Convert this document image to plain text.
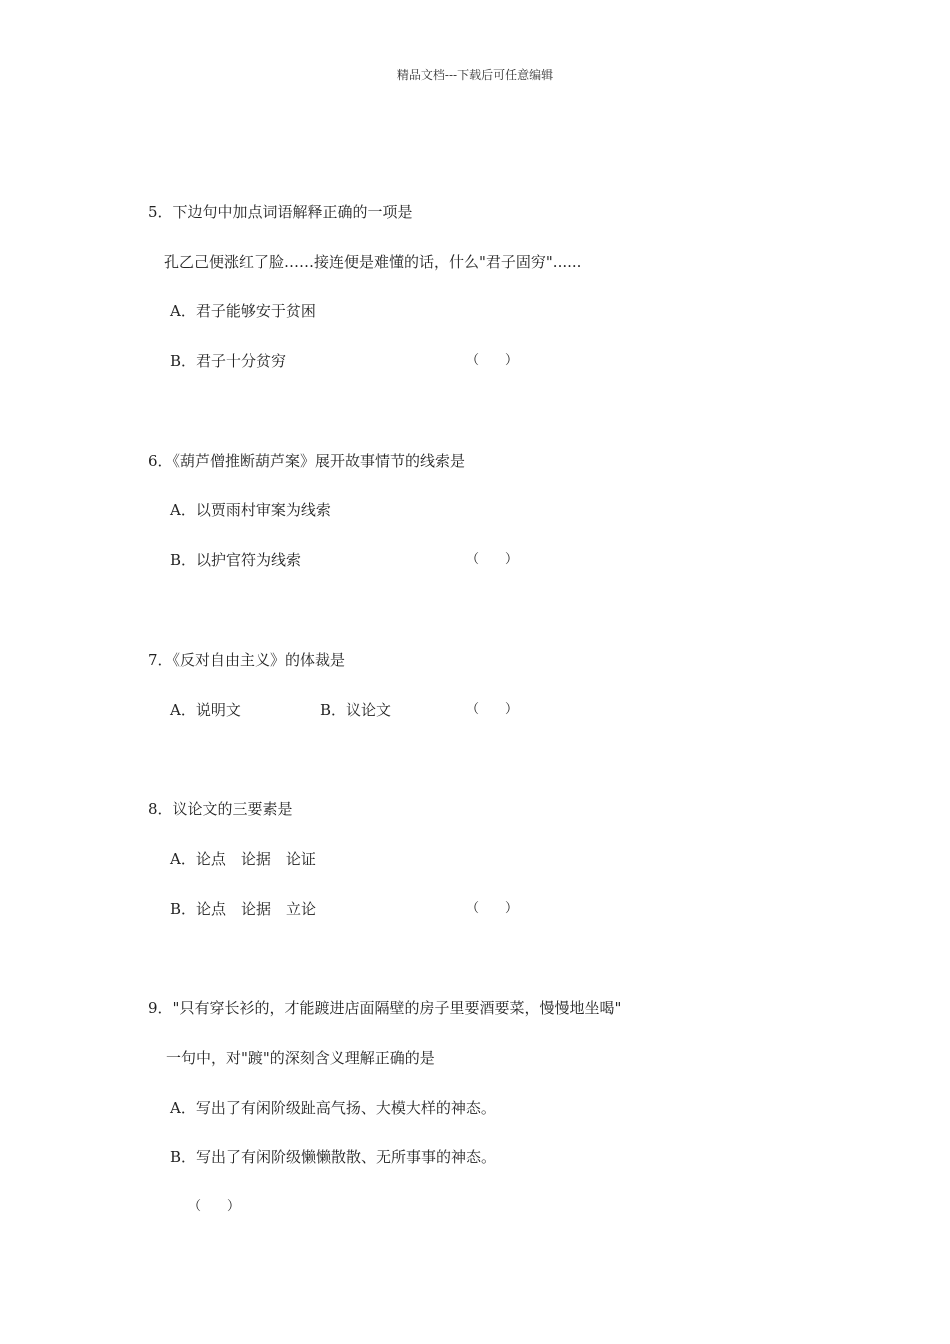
精品文档---下载后可任意编辑
5．下边句中加点词语解释正确的一项是
孔乙己便涨红了脸……接连便是难懂的话，什么"君子固穷"......
A．君子能够安于贫困
B．君子十分贫穷	（　　）
6．《葫芦僧推断葫芦案》展开故事情节的线索是
A．以贾雨村审案为线索
B．以护官符为线索	（　　）
7．《反对自由主义》的体裁是
A．说明文	B．议论文	（　　）
8．议论文的三要素是
A．论点　论据　论证
B．论点　论据　立论	（　　）
9．"只有穿长衫的，才能踱进店面隔壁的房子里要酒要菜，慢慢地坐喝"
一句中，对"踱"的深刻含义理解正确的是
A．写出了有闲阶级趾高气扬、大模大样的神态。
B．写出了有闲阶级懒懒散散、无所事事的神态。
（　　）
